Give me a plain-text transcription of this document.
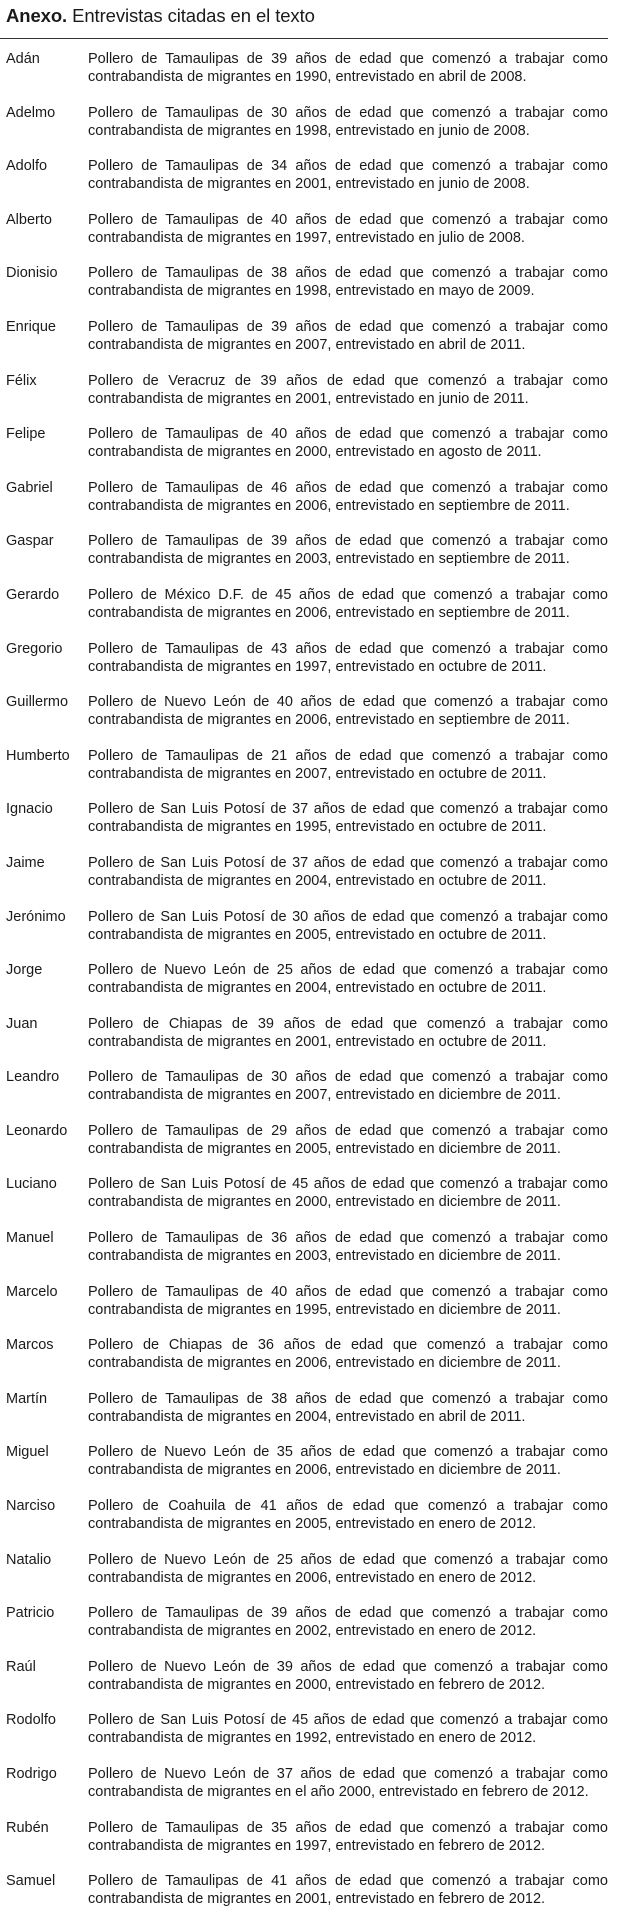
Anexo. Entrevistas citadas en el texto
Adán	Pollero de Tamaulipas de 39 años de edad que comenzó a trabajar como
contrabandista de migrantes en 1990, entrevistado en abril de 2008.
Adelmo Pollero de Tamaulipas de 30 años de edad que comenzó a trabajar como
contrabandista de migrantes en 1998, entrevistado en junio de 2008.
Adolfo	Pollero de Tamaulipas de 34 años de edad que comenzó a trabajar como
contrabandista de migrantes en 2001, entrevistado en junio de 2008.
Alberto Pollero de Tamaulipas de 40 años de edad que comenzó a trabajar como
contrabandista de migrantes en 1997, entrevistado en julio de 2008.
Dionisio Pollero de Tamaulipas de 38 años de edad que comenzó a trabajar como
contrabandista de migrantes en 1998, entrevistado en mayo de 2009.
Enrique Pollero de Tamaulipas de 39 años de edad que comenzó a trabajar como
contrabandista de migrantes en 2007, entrevistado en abril de 2011.
Félix	Pollero de Veracruz de 39 años de edad que comenzó a trabajar como
contrabandista de migrantes en 2001, entrevistado en junio de 2011.
Felipe	Pollero de Tamaulipas de 40 años de edad que comenzó a trabajar como
contrabandista de migrantes en 2000, entrevistado en agosto de 2011.
Gabriel Pollero de Tamaulipas de 46 años de edad que comenzó a trabajar como
contrabandista de migrantes en 2006, entrevistado en septiembre de 2011.
Gaspar Pollero de Tamaulipas de 39 años de edad que comenzó a trabajar como
contrabandista de migrantes en 2003, entrevistado en septiembre de 2011.
Gerardo Pollero de México D.F. de 45 años de edad que comenzó a trabajar como
contrabandista de migrantes en 2006, entrevistado en septiembre de 2011.
Gregorio Pollero de Tamaulipas de 43 años de edad que comenzó a trabajar como
contrabandista de migrantes en 1997, entrevistado en octubre de 2011.
Guillermo Pollero de Nuevo León de 40 años de edad que comenzó a trabajar como
contrabandista de migrantes en 2006, entrevistado en septiembre de 2011.
Humberto Pollero de Tamaulipas de 21 años de edad que comenzó a trabajar como
contrabandista de migrantes en 2007, entrevistado en octubre de 2011.
Ignacio Pollero de San Luis Potosí de 37 años de edad que comenzó a trabajar como
contrabandista de migrantes en 1995, entrevistado en octubre de 2011.
Jaime	Pollero de San Luis Potosí de 37 años de edad que comenzó a trabajar como
contrabandista de migrantes en 2004, entrevistado en octubre de 2011.
Jerónimo Pollero de San Luis Potosí de 30 años de edad que comenzó a trabajar como
contrabandista de migrantes en 2005, entrevistado en octubre de 2011.
Jorge	Pollero de Nuevo León de 25 años de edad que comenzó a trabajar como
contrabandista de migrantes en 2004, entrevistado en octubre de 2011.
Juan	Pollero de Chiapas de 39 años de edad que comenzó a trabajar como
contrabandista de migrantes en 2001, entrevistado en octubre de 2011.
Leandro Pollero de Tamaulipas de 30 años de edad que comenzó a trabajar como
contrabandista de migrantes en 2007, entrevistado en diciembre de 2011.
Leonardo Pollero de Tamaulipas de 29 años de edad que comenzó a trabajar como
contrabandista de migrantes en 2005, entrevistado en diciembre de 2011.
Luciano Pollero de San Luis Potosí de 45 años de edad que comenzó a trabajar como
contrabandista de migrantes en 2000, entrevistado en diciembre de 2011.
Manuel Pollero de Tamaulipas de 36 años de edad que comenzó a trabajar como
contrabandista de migrantes en 2003, entrevistado en diciembre de 2011.
Marcelo Pollero de Tamaulipas de 40 años de edad que comenzó a trabajar como
contrabandista de migrantes en 1995, entrevistado en diciembre de 2011.
Marcos Pollero de Chiapas de 36 años de edad que comenzó a trabajar como
contrabandista de migrantes en 2006, entrevistado en diciembre de 2011.
Martín	Pollero de Tamaulipas de 38 años de edad que comenzó a trabajar como
contrabandista de migrantes en 2004, entrevistado en abril de 2011.
Miguel	Pollero de Nuevo León de 35 años de edad que comenzó a trabajar como
contrabandista de migrantes en 2006, entrevistado en diciembre de 2011.
Narciso Pollero de Coahuila de 41 años de edad que comenzó a trabajar como
contrabandista de migrantes en 2005, entrevistado en enero de 2012.
Natalio	Pollero de Nuevo León de 25 años de edad que comenzó a trabajar como
contrabandista de migrantes en 2006, entrevistado en enero de 2012.
Patricio Pollero de Tamaulipas de 39 años de edad que comenzó a trabajar como
contrabandista de migrantes en 2002, entrevistado en enero de 2012.
Raúl	Pollero de Nuevo León de 39 años de edad que comenzó a trabajar como
contrabandista de migrantes en 2000, entrevistado en febrero de 2012.
Rodolfo Pollero de San Luis Potosí de 45 años de edad que comenzó a trabajar como
contrabandista de migrantes en 1992, entrevistado en enero de 2012.
Rodrigo Pollero de Nuevo León de 37 años de edad que comenzó a trabajar como
contrabandista de migrantes en el año 2000, entrevistado en febrero de 2012.
Rubén	Pollero de Tamaulipas de 35 años de edad que comenzó a trabajar como
contrabandista de migrantes en 1997, entrevistado en febrero de 2012.
Samuel Pollero de Tamaulipas de 41 años de edad que comenzó a trabajar como
contrabandista de migrantes en 2001, entrevistado en febrero de 2012.
